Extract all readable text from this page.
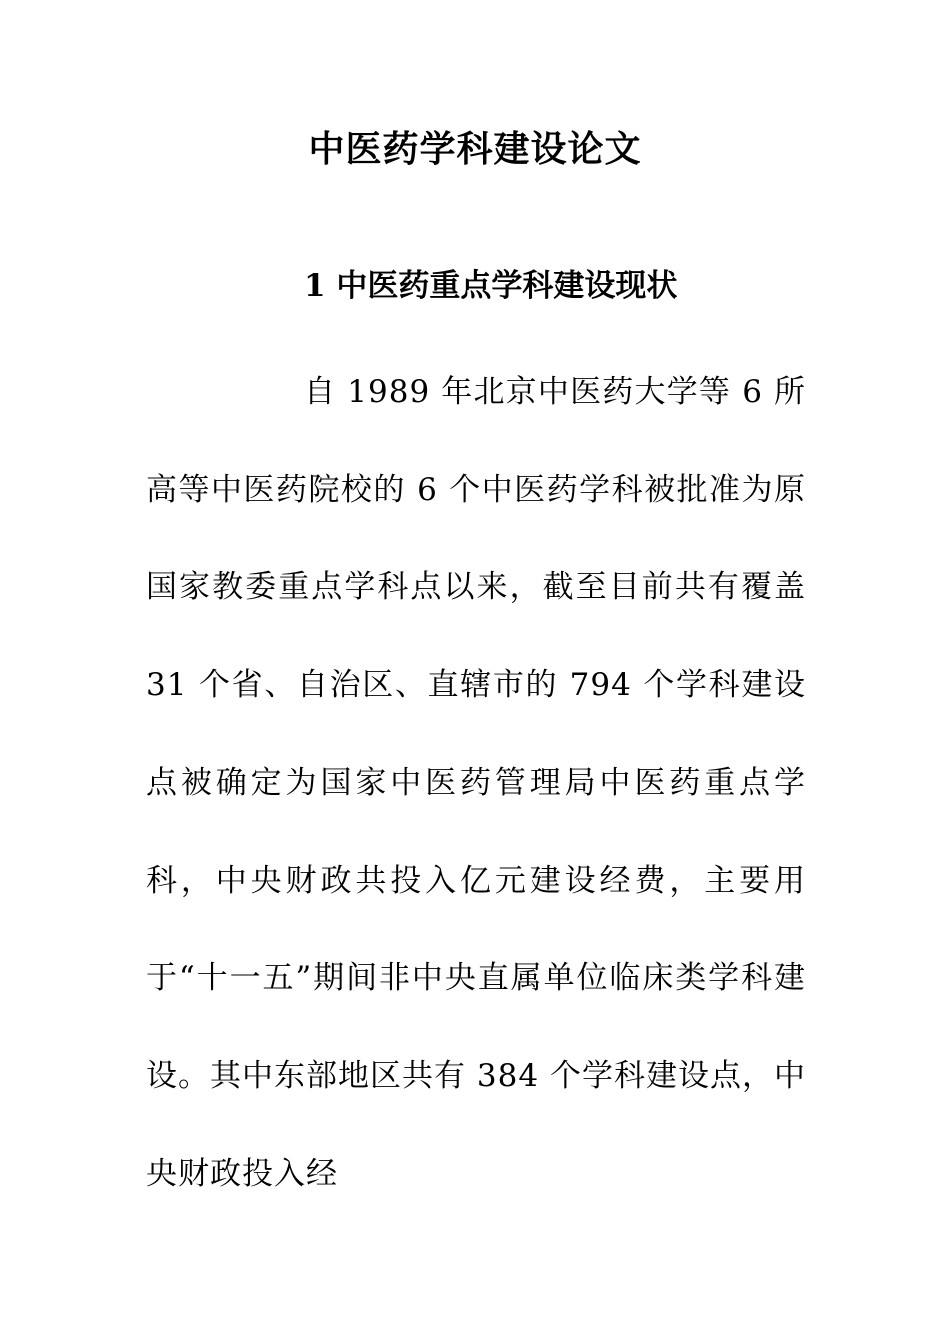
中医药学科建设论文
1 中医药重点学科建设现状

自 1989 年北京中医药大学等 6 所高等中医药院校的 6 个中医药学科被批准为原国家教委重点学科点以来，截至目前共有覆盖 31 个省、自治区、直辖市的 794 个学科建设点被确定为国家中医药管理局中医药重点学科，中央财政共投入亿元建设经费，主要用于“十一五”期间非中央直属单位临床类学科建设。其中东部地区共有 384 个学科建设点，中央财政投入经
